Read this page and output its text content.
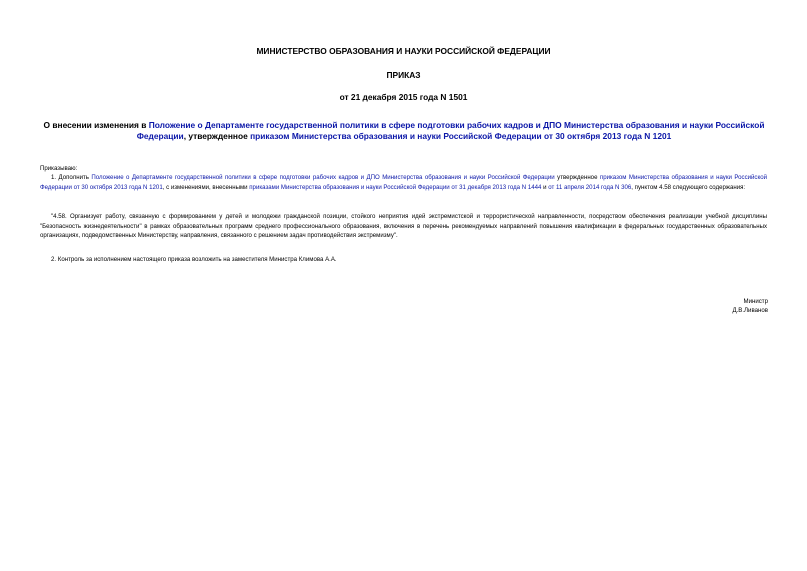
МИНИСТЕРСТВО ОБРАЗОВАНИЯ И НАУКИ РОССИЙСКОЙ ФЕДЕРАЦИИ
ПРИКАЗ
от 21 декабря 2015 года N 1501
О внесении изменения в Положение о Департаменте государственной политики в сфере подготовки рабочих кадров и ДПО Министерства образования и науки Российской Федерации, утвержденное приказом Министерства образования и науки Российской Федерации от 30 октября 2013 года N 1201
Приказываю:
1. Дополнить Положение о Департаменте государственной политики в сфере подготовки рабочих кадров и ДПО Министерства образования и науки Российской Федерации утвержденное приказом Министерства образования и науки Российской Федерации от 30 октября 2013 года N 1201, с изменениями, внесенными приказами Министерства образования и науки Российской Федерации от 31 декабря 2013 года N 1444 и от 11 апреля 2014 года N 306, пунктом 4.58 следующего содержания:
"4.58. Организует работу, связанную с формированием у детей и молодежи гражданской позиции, стойкого неприятия идей экстремистской и террористической направленности, посредством обеспечения реализации учебной дисциплины "Безопасность жизнедеятельности" в рамках образовательных программ среднего профессионального образования, включения в перечень рекомендуемых направлений повышения квалификации в федеральных государственных образовательных организациях, подведомственных Министерству, направления, связанного с решением задач противодействия экстремизму".
2. Контроль за исполнением настоящего приказа возложить на заместителя Министра Климова А.А.
Министр
Д.В.Ливанов
